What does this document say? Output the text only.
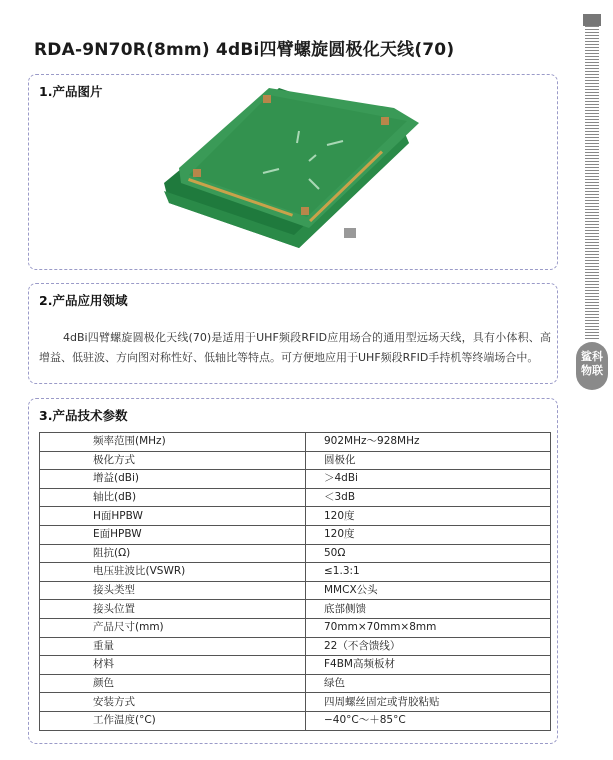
RDA-9N70R(8mm) 4dBi四臂螺旋圆极化天线(70)
1.产品图片
2.产品应用领域

4dBi四臂螺旋圆极化天线(70)是适用于UHF频段RFID应用场合的通用型远场天线，具有小体积、高增益、低驻波、方向图对称性好、低轴比等特点。可方便地应用于UHF频段RFID手持机等终端场合中。

3.产品技术参数
频率范围(MHz)	902MHz～928MHz
极化方式	圆极化
增益(dBi)	＞4dBi
轴比(dB)	＜3dB
H面HPBW	120度
E面HPBW	120度
阻抗(Ω)	50Ω
电压驻波比(VSWR)	≤1.3:1
接头类型	MMCX公头
接头位置	底部侧馈
产品尺寸(mm)	70mm×70mm×8mm
重量	22（不含馈线）
材料	F4BM高频板材
颜色	绿色
安装方式	四周螺丝固定或背胶粘贴
工作温度(°C)	−40°C～＋85°C
鲨科
物联
